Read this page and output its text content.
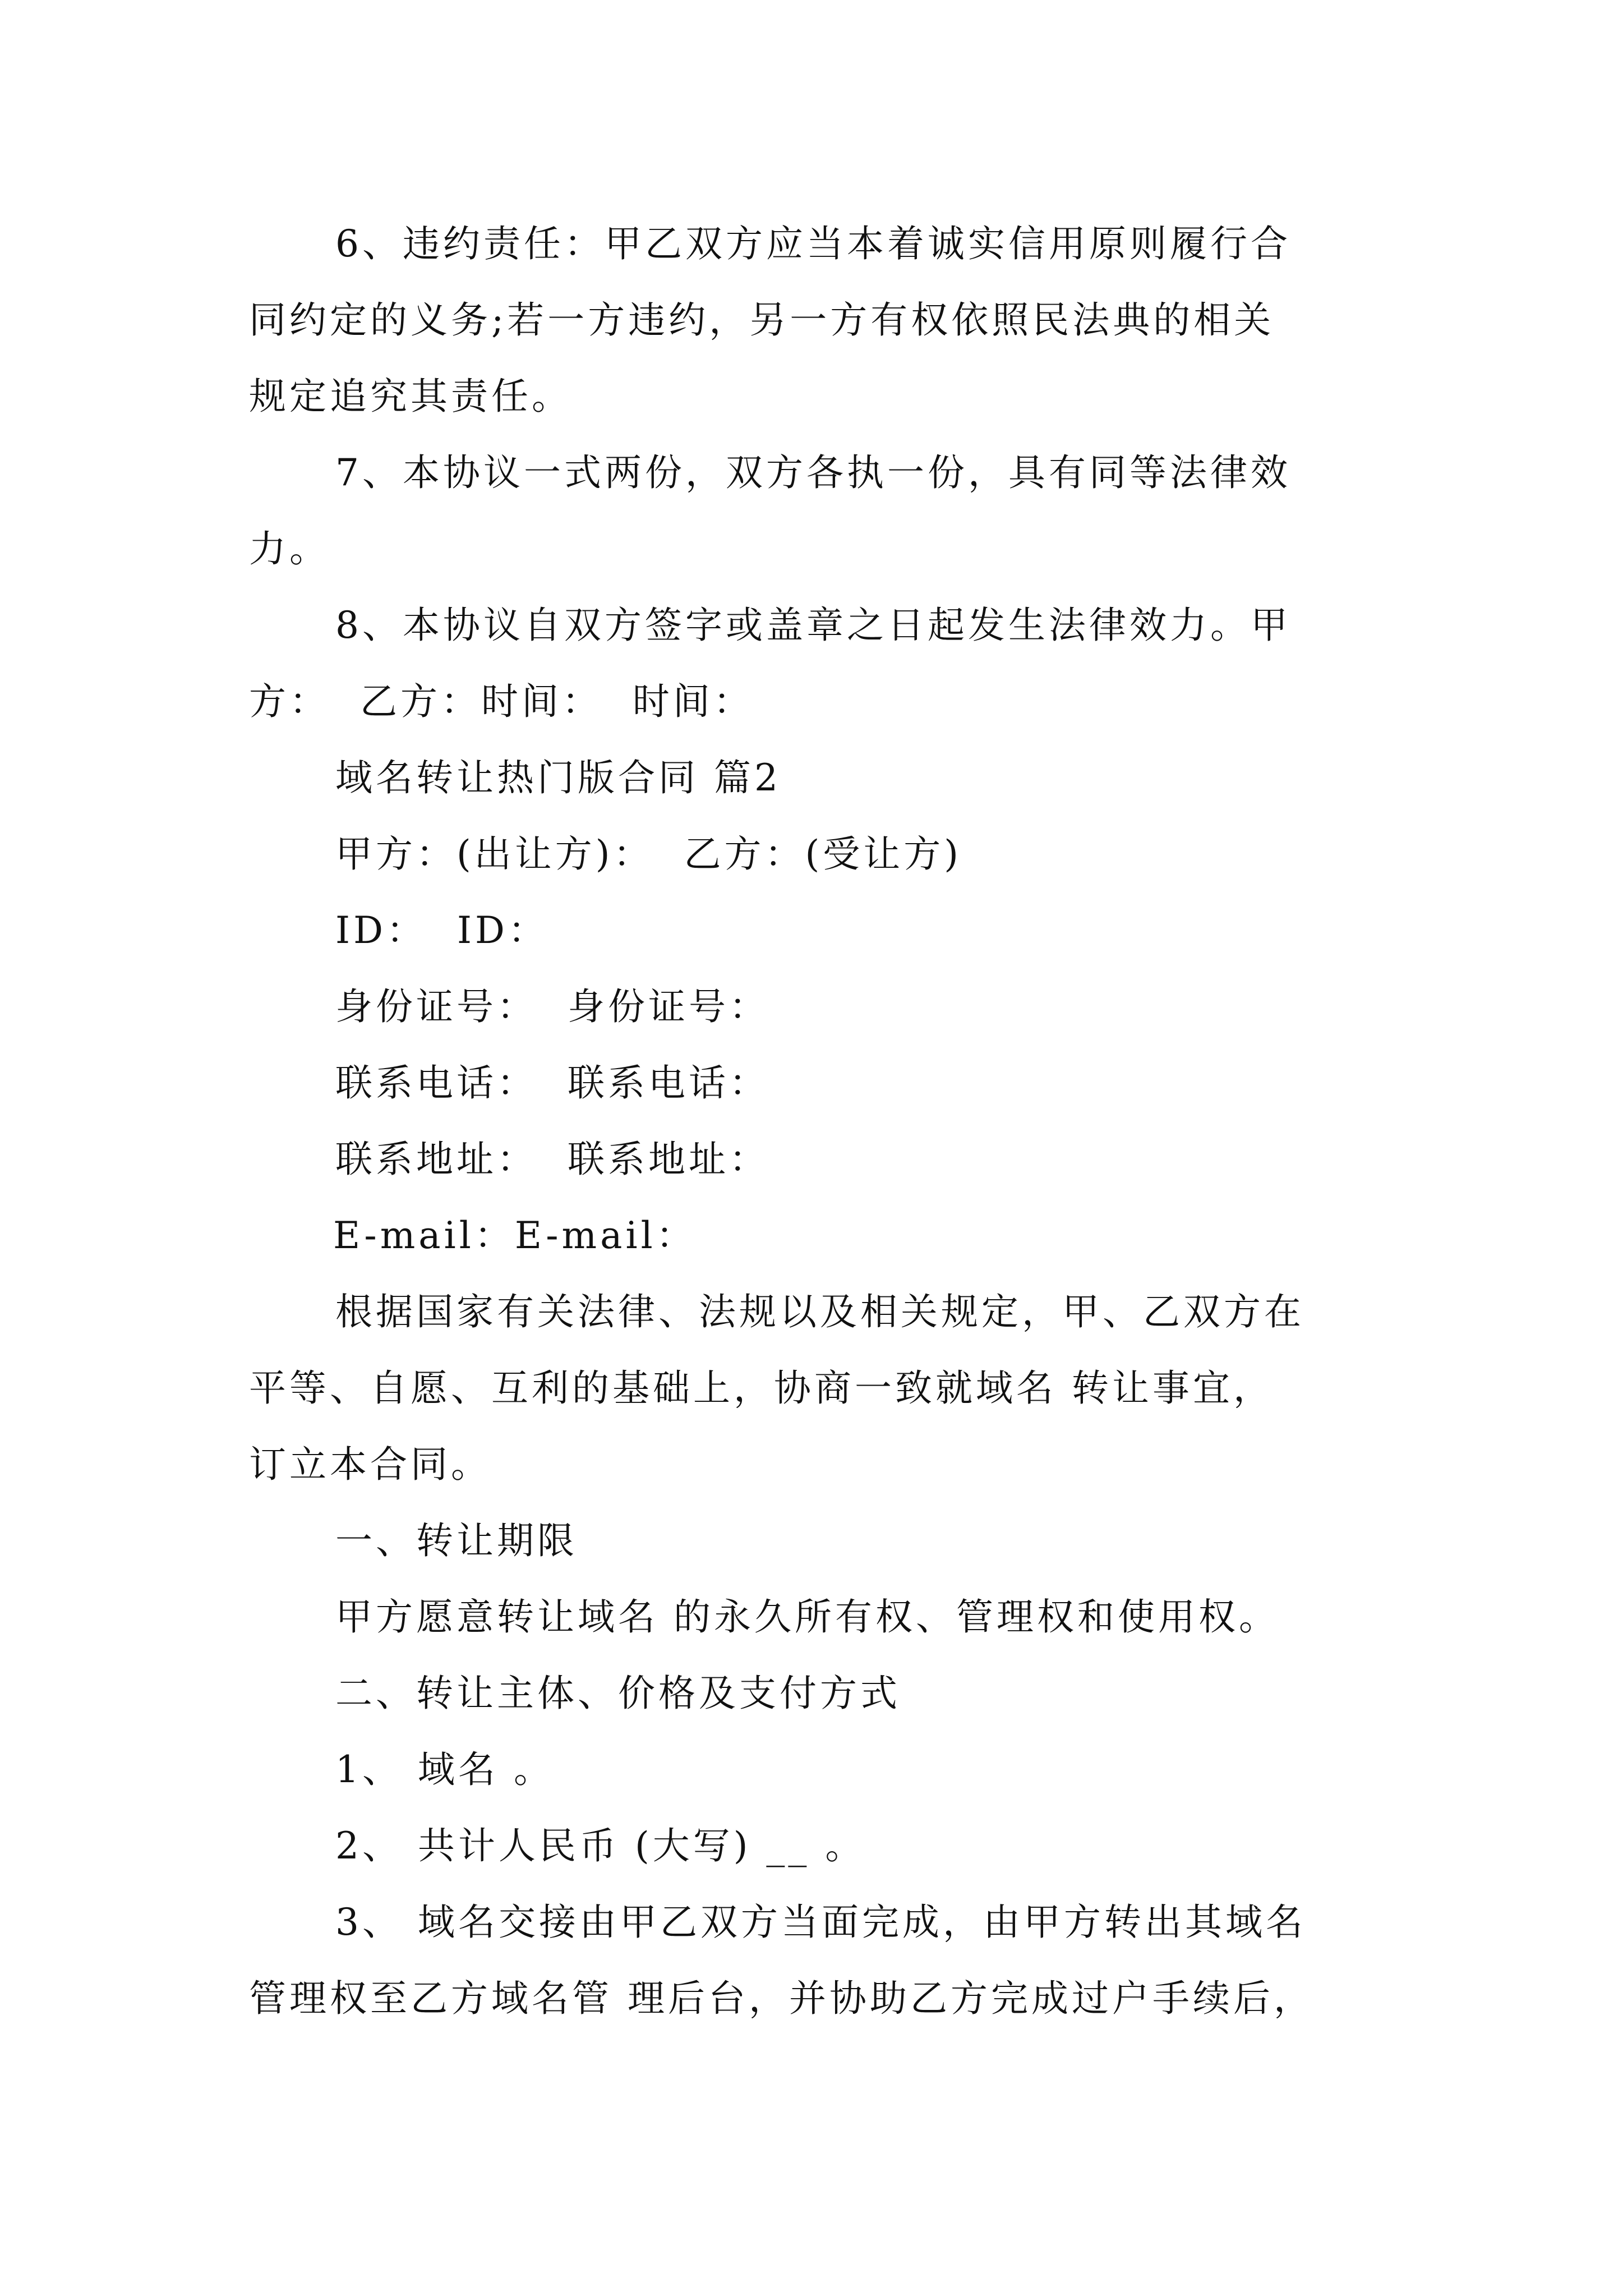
6、违约责任：甲乙双方应当本着诚实信用原则履行合
同约定的义务;若一方违约，另一方有权依照民法典的相关
规定追究其责任。
7、本协议一式两份，双方各执一份，具有同等法律效
力。
8、本协议自双方签字或盖章之日起发生法律效力。甲
方：  乙方：时间：  时间：
域名转让热门版合同 篇2
甲方：(出让方)：  乙方：(受让方)
ID：  ID：
身份证号：  身份证号：
联系电话：  联系电话：
联系地址：  联系地址：
E-mail：E-mail：
根据国家有关法律、法规以及相关规定，甲、乙双方在
平等、自愿、互利的基础上，协商一致就域名 转让事宜，
订立本合同。
一、转让期限
甲方愿意转让域名 的永久所有权、管理权和使用权。
二、转让主体、价格及支付方式
1、 域名 。
2、 共计人民币 (大写) __ 。
3、 域名交接由甲乙双方当面完成，由甲方转出其域名
管理权至乙方域名管 理后台，并协助乙方完成过户手续后，
